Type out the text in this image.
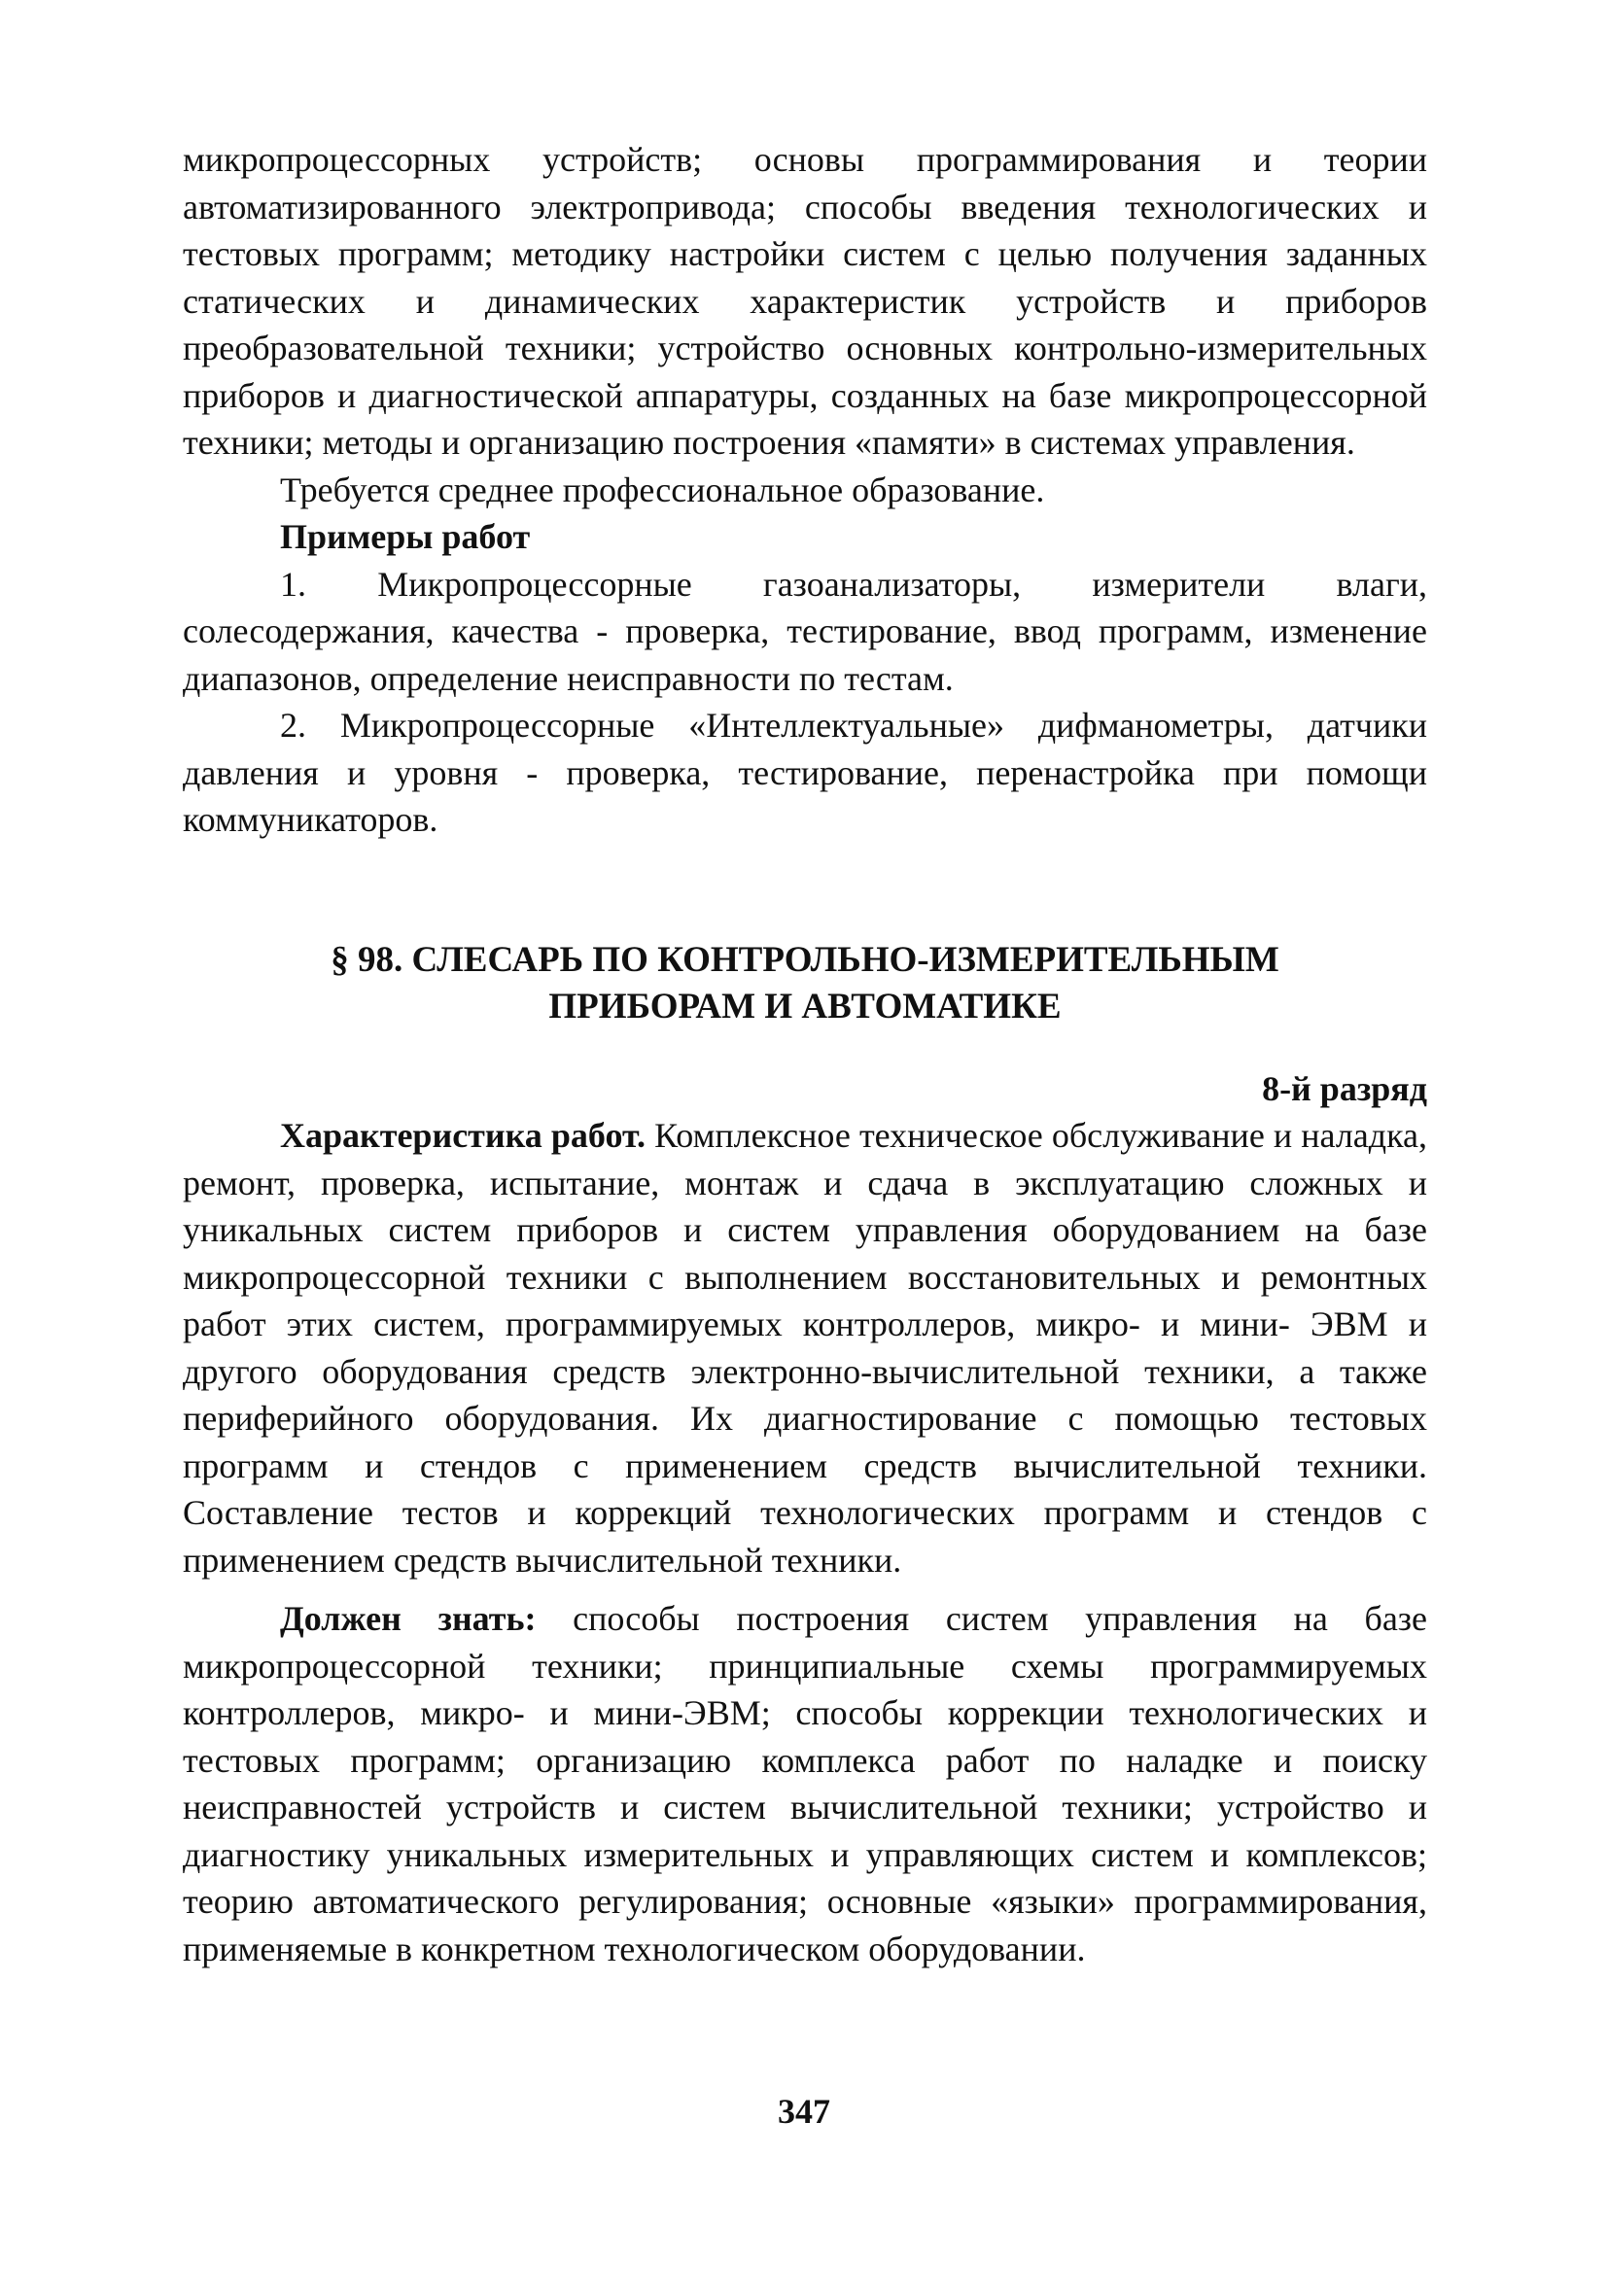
микропроцессорных устройств; основы программирования и теории автоматизированного электропривода; способы введения технологических и тестовых программ; методику настройки систем с целью получения заданных статических и динамических характеристик устройств и приборов преобразовательной техники; устройство основных контрольно-измерительных приборов и диагностической аппаратуры, созданных на базе микропроцессорной техники; методы и организацию построения «памяти» в системах управления.

Требуется среднее профессиональное образование.

Примеры работ

1. Микропроцессорные газоанализаторы, измерители влаги, солесодержания, качества - проверка, тестирование, ввод программ, изменение диапазонов, определение неисправности по тестам.

2. Микропроцессорные «Интеллектуальные» дифманометры, датчики давления и уровня - проверка, тестирование, перенастройка при помощи коммуникаторов.

§ 98. СЛЕСАРЬ ПО КОНТРОЛЬНО-ИЗМЕРИТЕЛЬНЫМ
ПРИБОРАМ И АВТОМАТИКЕ

8-й разряд

Характеристика работ. Комплексное техническое обслуживание и наладка, ремонт, проверка, испытание, монтаж и сдача в эксплуатацию сложных и уникальных систем приборов и систем управления оборудованием на базе микропроцессорной техники с выполнением восстановительных и ремонтных работ этих систем, программируемых контроллеров, микро- и мини- ЭВМ и другого оборудования средств электронно-вычислительной техники, а также периферийного оборудования. Их диагностирование с помощью тестовых программ и стендов с применением средств вычислительной техники. Составление тестов и коррекций технологических программ и стендов с применением средств вычислительной техники.

Должен знать: способы построения систем управления на базе микропроцессорной техники; принципиальные схемы программируемых контроллеров, микро- и мини-ЭВМ; способы коррекции технологических и тестовых программ; организацию комплекса работ по наладке и поиску неисправностей устройств и систем вычислительной техники; устройство и диагностику уникальных измерительных и управляющих систем и комплексов; теорию автоматического регулирования; основные «языки» программирования, применяемые в конкретном технологическом оборудовании.

347
